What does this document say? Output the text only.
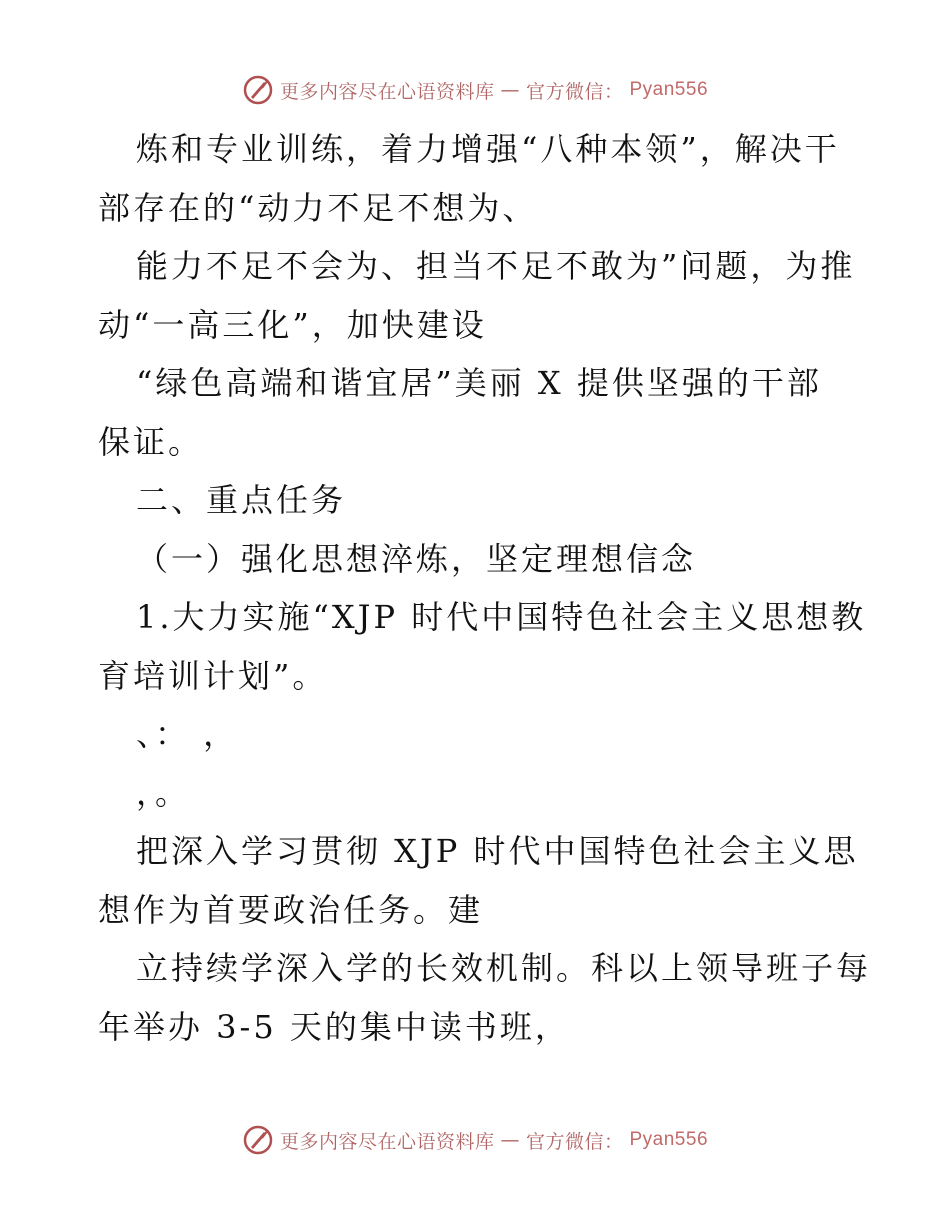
更多内容尽在心语资料库 — 官方微信： Pyan556
炼和专业训练，着力增强“八种本领”，解决干
部存在的“动力不足不想为、
能力不足不会为、担当不足不敢为”问题，为推
动“一高三化”，加快建设
“绿色高端和谐宜居”美丽 X 提供坚强的干部
保证。
二、重点任务
（一）强化思想淬炼，坚定理想信念
1.大力实施“XJP 时代中国特色社会主义思想教
育培训计划”。
、： ，
，。
把深入学习贯彻 XJP 时代中国特色社会主义思
想作为首要政治任务。建
立持续学深入学的长效机制。科以上领导班子每
年举办 3-5 天的集中读书班，
更多内容尽在心语资料库 — 官方微信： Pyan556
